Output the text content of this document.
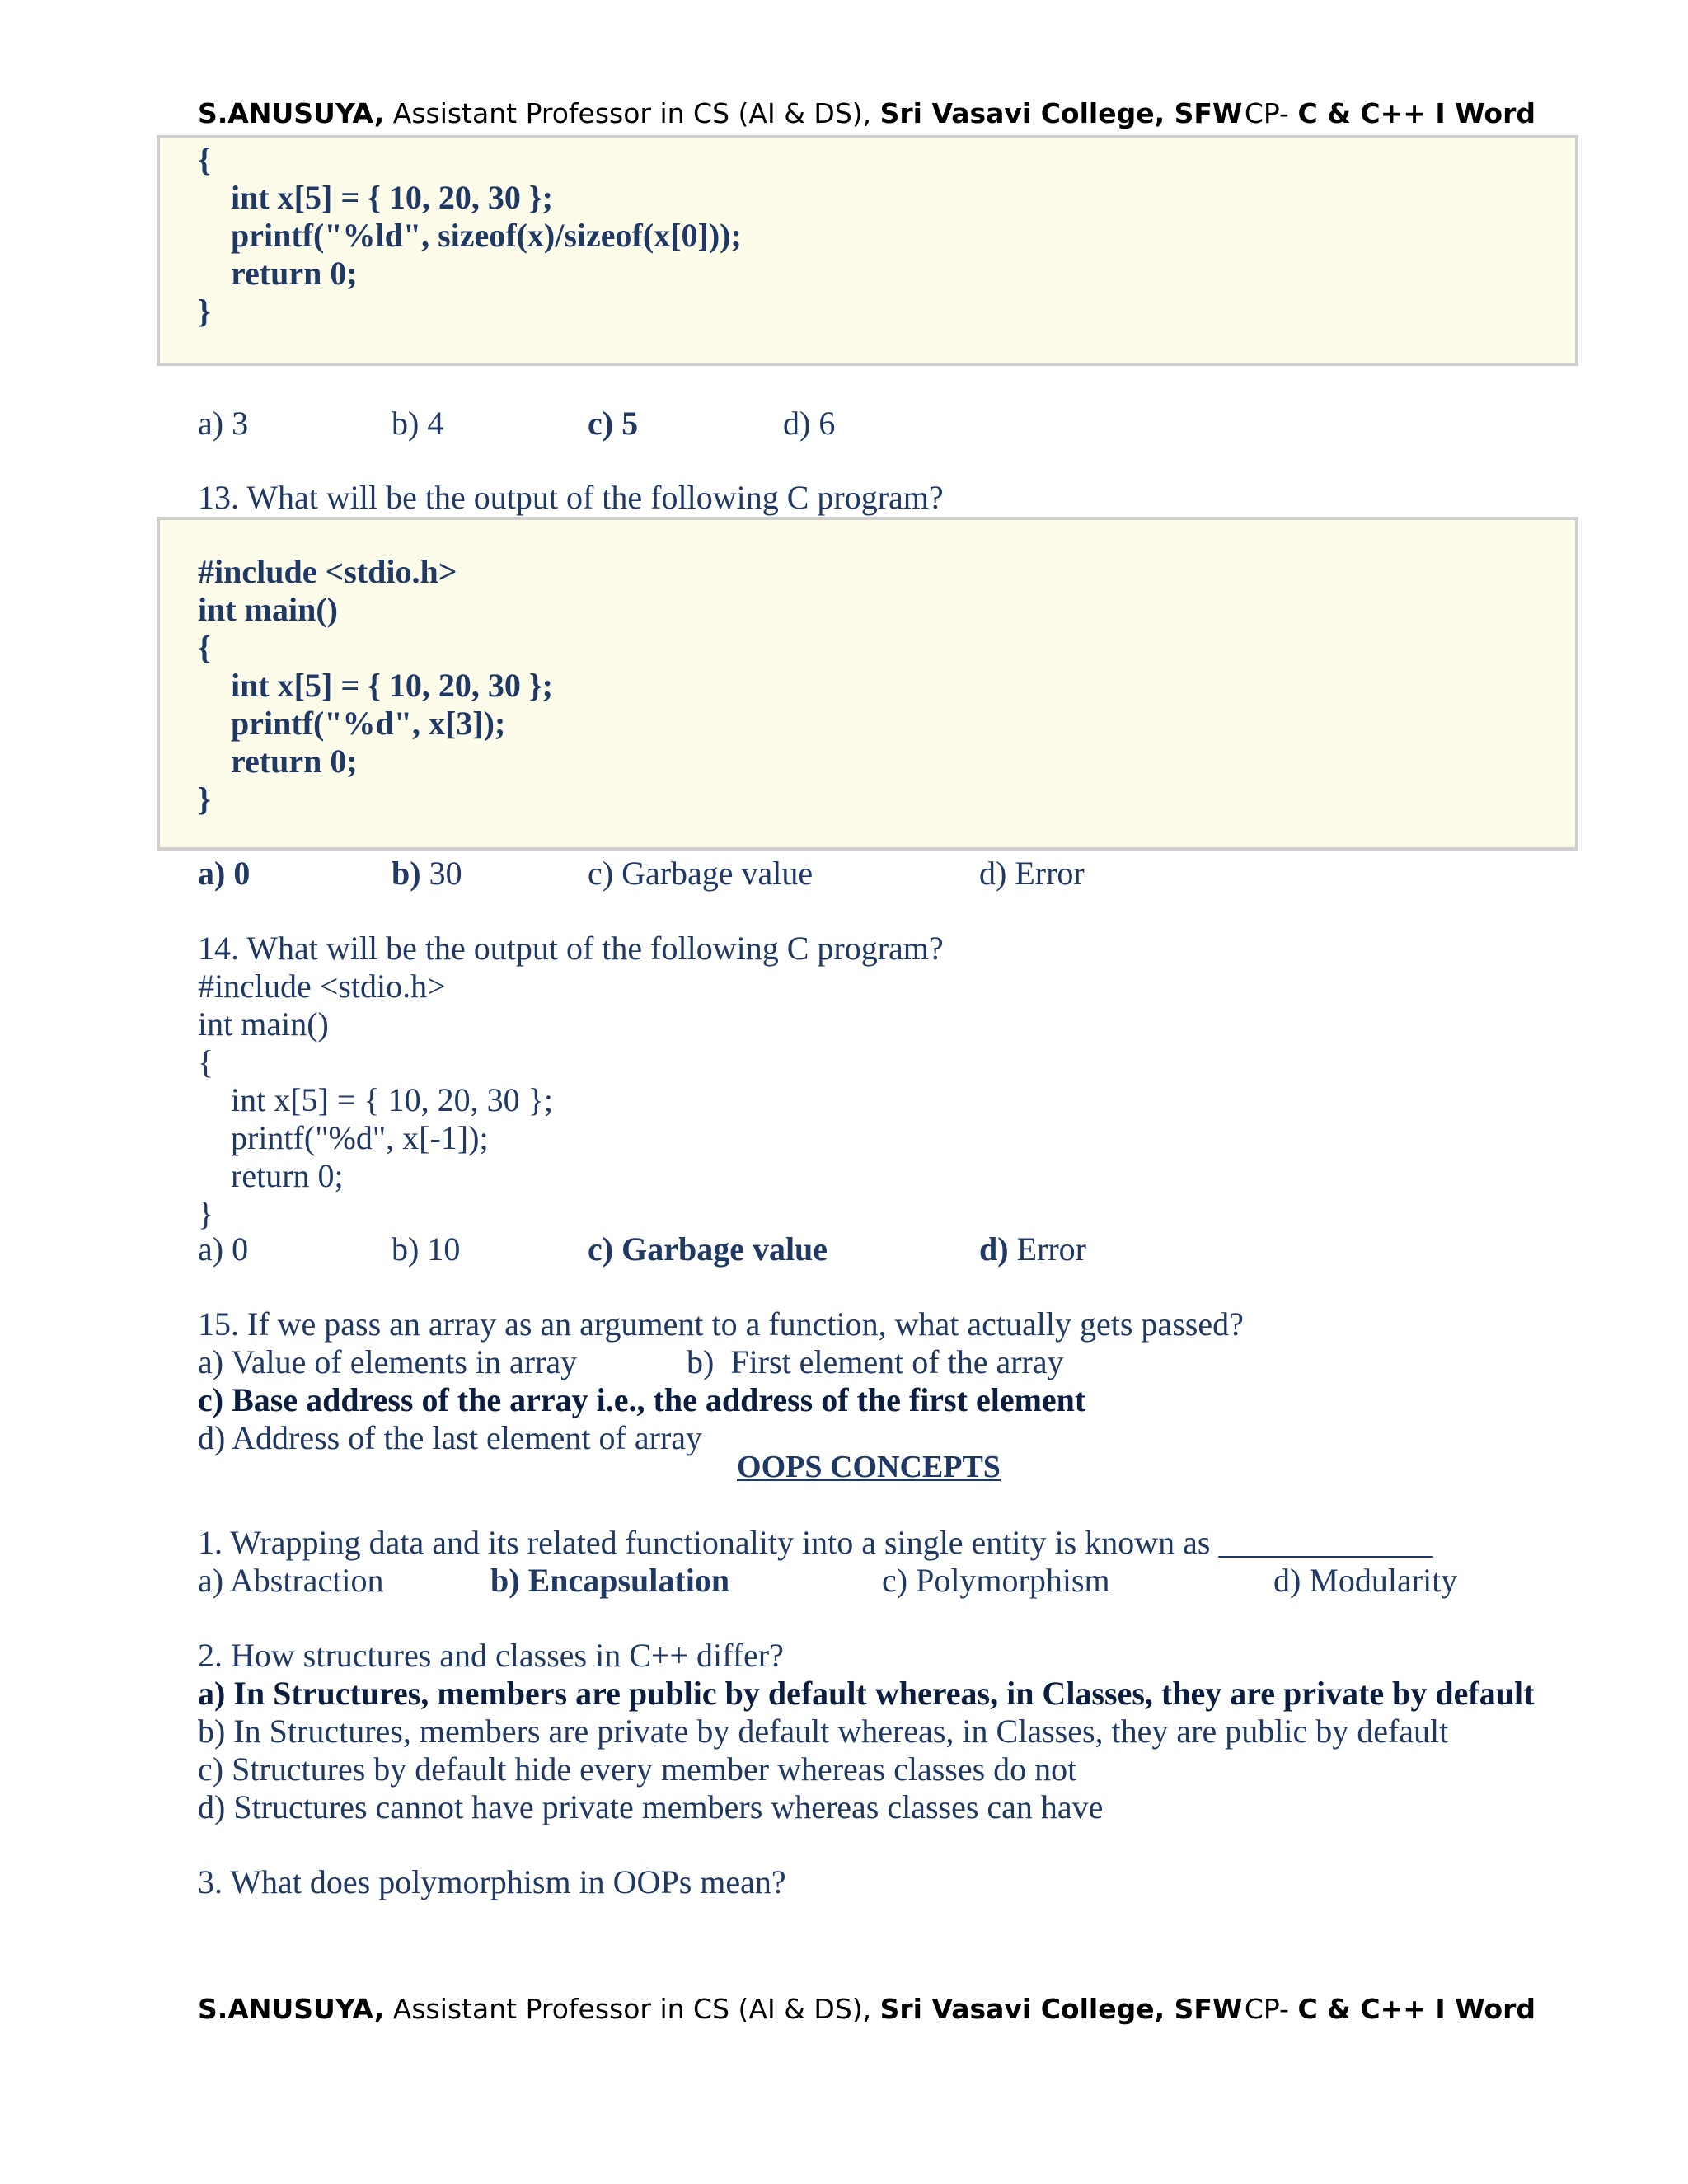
S.ANUSUYA, Assistant Professor in CS (AI & DS), Sri Vasavi College, SFW CP- C & C++ I Word
{
int x[5] = { 10, 20, 30 };
printf("%ld", sizeof(x)/sizeof(x[0]));
return 0;
}
a) 3	b) 4	c) 5	d) 6
13. What will be the output of the following C program?
#include <stdio.h>
int main()
{
int x[5] = { 10, 20, 30 };
printf("%d", x[3]);
return 0;
}
a) 0	b) 30	c) Garbage value	d) Error
14. What will be the output of the following C program?
#include <stdio.h>
int main()
{
int x[5] = { 10, 20, 30 };
printf("%d", x[-1]);
return 0;
}
a) 0	b) 10	c) Garbage value	d) Error
15. If we pass an array as an argument to a function, what actually gets passed?
a) Value of elements in array	b)  First element of the array
c) Base address of the array i.e., the address of the first element
d) Address of the last element of array
OOPS CONCEPTS
1. Wrapping data and its related functionality into a single entity is known as _____________
a) Abstraction	b) Encapsulation	c) Polymorphism	d) Modularity
2. How structures and classes in C++ differ?
a) In Structures, members are public by default whereas, in Classes, they are private by default
b) In Structures, members are private by default whereas, in Classes, they are public by default
c) Structures by default hide every member whereas classes do not
d) Structures cannot have private members whereas classes can have
3. What does polymorphism in OOPs mean?
S.ANUSUYA, Assistant Professor in CS (AI & DS), Sri Vasavi College, SFW CP- C & C++ I Word
